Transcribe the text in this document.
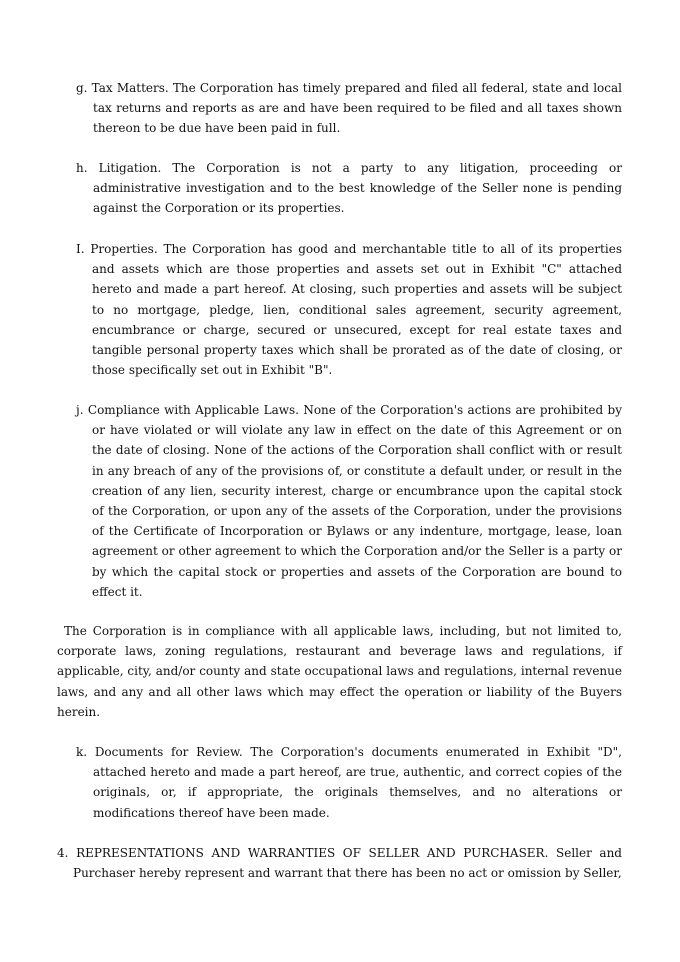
g. Tax Matters. The Corporation has timely prepared and filed all federal, state and local tax returns and reports as are and have been required to be filed and all taxes shown thereon to be due have been paid in full.

h. Litigation. The Corporation is not a party to any litigation, proceeding or administrative investigation and to the best knowledge of the Seller none is pending against the Corporation or its properties.

I. Properties. The Corporation has good and merchantable title to all of its properties and assets which are those properties and assets set out in Exhibit "C" attached hereto and made a part hereof. At closing, such properties and assets will be subject to no mortgage, pledge, lien, conditional sales agreement, security agreement, encumbrance or charge, secured or unsecured, except for real estate taxes and tangible personal property taxes which shall be prorated as of the date of closing, or those specifically set out in Exhibit "B".

j. Compliance with Applicable Laws. None of the Corporation's actions are prohibited by or have violated or will violate any law in effect on the date of this Agreement or on the date of closing. None of the actions of the Corporation shall conflict with or result in any breach of any of the provisions of, or constitute a default under, or result in the creation of any lien, security interest, charge or encumbrance upon the capital stock of the Corporation, or upon any of the assets of the Corporation, under the provisions of the Certificate of Incorporation or Bylaws or any indenture, mortgage, lease, loan agreement or other agreement to which the Corporation and/or the Seller is a party or by which the capital stock or properties and assets of the Corporation are bound to effect it.

The Corporation is in compliance with all applicable laws, including, but not limited to, corporate laws, zoning regulations, restaurant and beverage laws and regulations, if applicable, city, and/or county and state occupational laws and regulations, internal revenue laws, and any and all other laws which may effect the operation or liability of the Buyers herein.

k. Documents for Review. The Corporation's documents enumerated in Exhibit "D", attached hereto and made a part hereof, are true, authentic, and correct copies of the originals, or, if appropriate, the originals themselves, and no alterations or modifications thereof have been made.

4. REPRESENTATIONS AND WARRANTIES OF SELLER AND PURCHASER. Seller and Purchaser hereby represent and warrant that there has been no act or omission by Seller,
